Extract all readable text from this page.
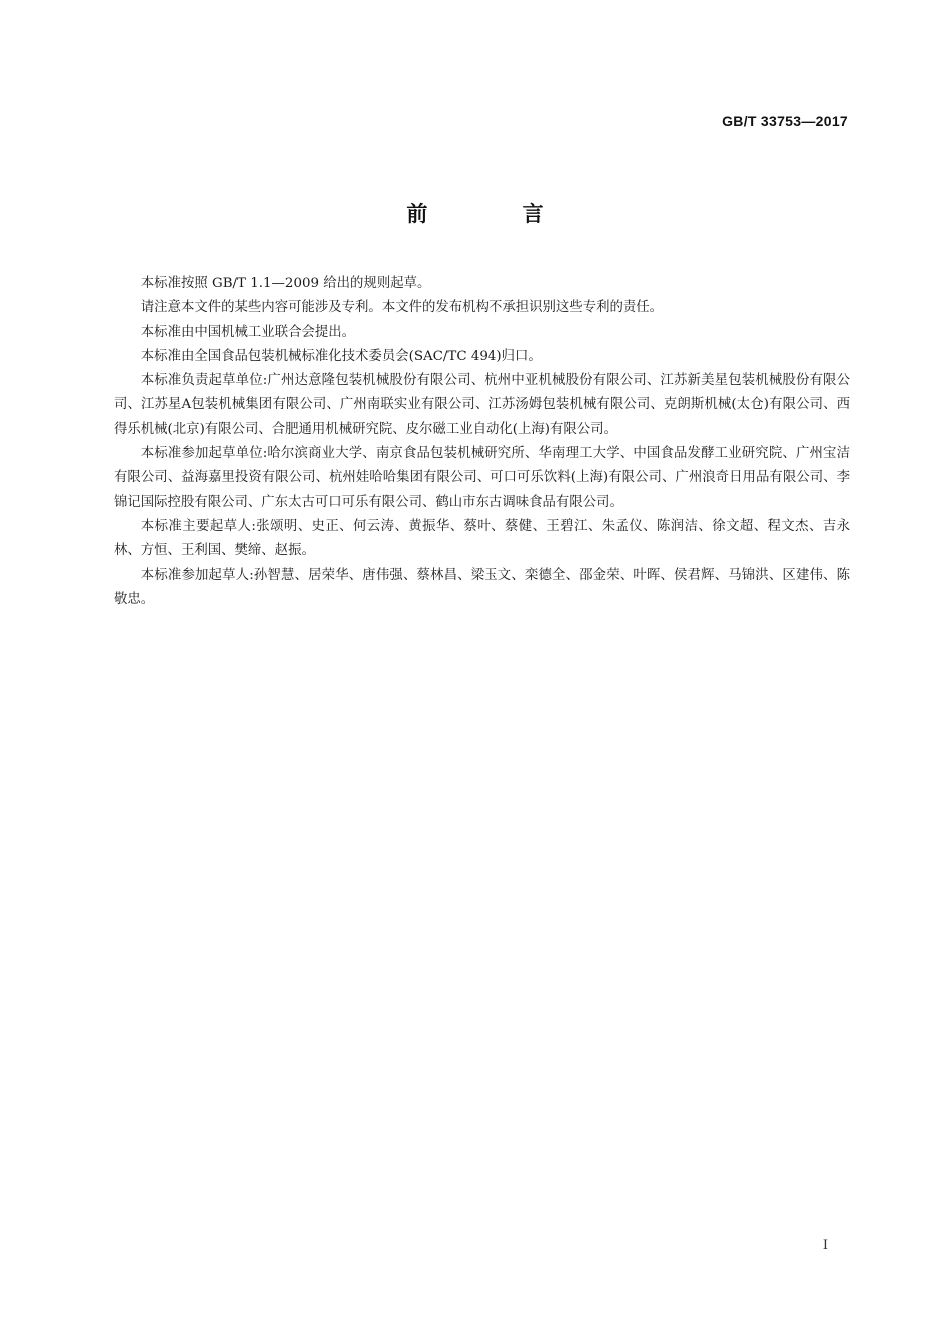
GB/T 33753—2017
前 言

本标准按照 GB/T 1.1—2009 给出的规则起草。

请注意本文件的某些内容可能涉及专利。本文件的发布机构不承担识别这些专利的责任。

本标准由中国机械工业联合会提出。

本标准由全国食品包装机械标准化技术委员会(SAC/TC 494)归口。

本标准负责起草单位:广州达意隆包装机械股份有限公司、杭州中亚机械股份有限公司、江苏新美星包装机械股份有限公司、江苏星A包装机械集团有限公司、广州南联实业有限公司、江苏汤姆包装机械有限公司、克朗斯机械(太仓)有限公司、西得乐机械(北京)有限公司、合肥通用机械研究院、皮尔磁工业自动化(上海)有限公司。

本标准参加起草单位:哈尔滨商业大学、南京食品包装机械研究所、华南理工大学、中国食品发酵工业研究院、广州宝洁有限公司、益海嘉里投资有限公司、杭州娃哈哈集团有限公司、可口可乐饮料(上海)有限公司、广州浪奇日用品有限公司、李锦记国际控股有限公司、广东太古可口可乐有限公司、鹤山市东古调味食品有限公司。

本标准主要起草人:张颂明、史正、何云涛、黄振华、蔡叶、蔡健、王碧江、朱孟仪、陈润洁、徐文超、程文杰、吉永林、方恒、王利国、樊缔、赵振。

本标准参加起草人:孙智慧、居荣华、唐伟强、蔡林昌、梁玉文、栾德全、邵金荣、叶晖、侯君辉、马锦洪、区建伟、陈敬忠。

I
